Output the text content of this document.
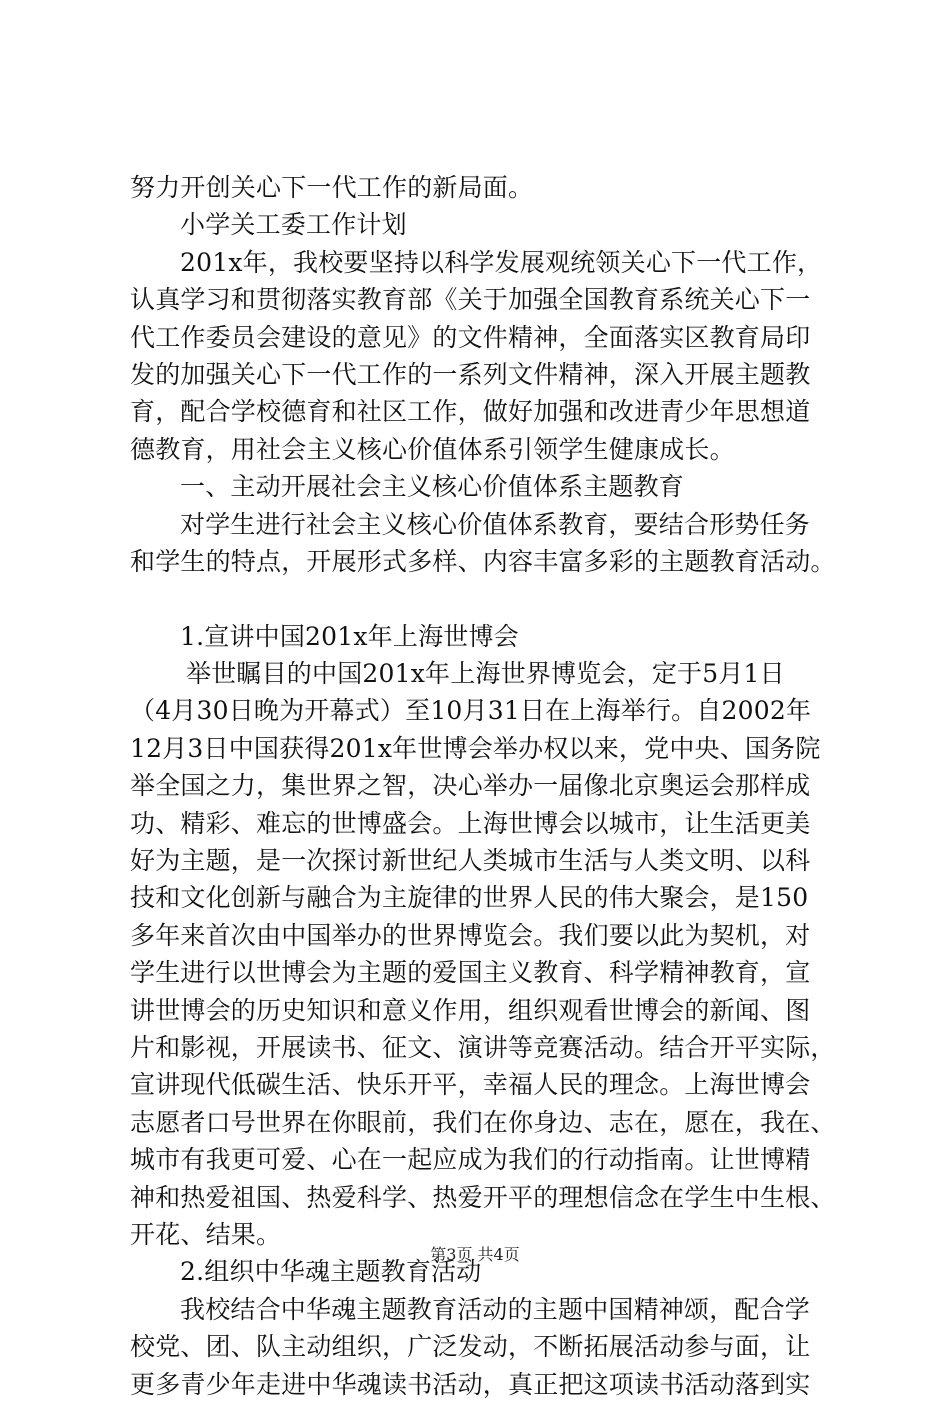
努力开创关心下一代工作的新局面。
小学关工委工作计划
201x年，我校要坚持以科学发展观统领关心下一代工作，
认真学习和贯彻落实教育部《关于加强全国教育系统关心下一
代工作委员会建设的意见》的文件精神，全面落实区教育局印
发的加强关心下一代工作的一系列文件精神，深入开展主题教
育，配合学校德育和社区工作，做好加强和改进青少年思想道
德教育，用社会主义核心价值体系引领学生健康成长。
一、主动开展社会主义核心价值体系主题教育
对学生进行社会主义核心价值体系教育，要结合形势任务
和学生的特点，开展形式多样、内容丰富多彩的主题教育活动。
1.宣讲中国201x年上海世博会
举世瞩目的中国201x年上海世界博览会，定于5月1日
（4月30日晚为开幕式）至10月31日在上海举行。自2002年
12月3日中国获得201x年世博会举办权以来，党中央、国务院
举全国之力，集世界之智，决心举办一届像北京奥运会那样成
功、精彩、难忘的世博盛会。上海世博会以城市，让生活更美
好为主题，是一次探讨新世纪人类城市生活与人类文明、以科
技和文化创新与融合为主旋律的世界人民的伟大聚会，是150
多年来首次由中国举办的世界博览会。我们要以此为契机，对
学生进行以世博会为主题的爱国主义教育、科学精神教育，宣
讲世博会的历史知识和意义作用，组织观看世博会的新闻、图
片和影视，开展读书、征文、演讲等竞赛活动。结合开平实际，
宣讲现代低碳生活、快乐开平，幸福人民的理念。上海世博会
志愿者口号世界在你眼前，我们在你身边、志在，愿在，我在、
城市有我更可爱、心在一起应成为我们的行动指南。让世博精
神和热爱祖国、热爱科学、热爱开平的理想信念在学生中生根、
开花、结果。
2.组织中华魂主题教育活动
我校结合中华魂主题教育活动的主题中国精神颂，配合学
校党、团、队主动组织，广泛发动，不断拓展活动参与面，让
更多青少年走进中华魂读书活动，真正把这项读书活动落到实
第3页 共4页
